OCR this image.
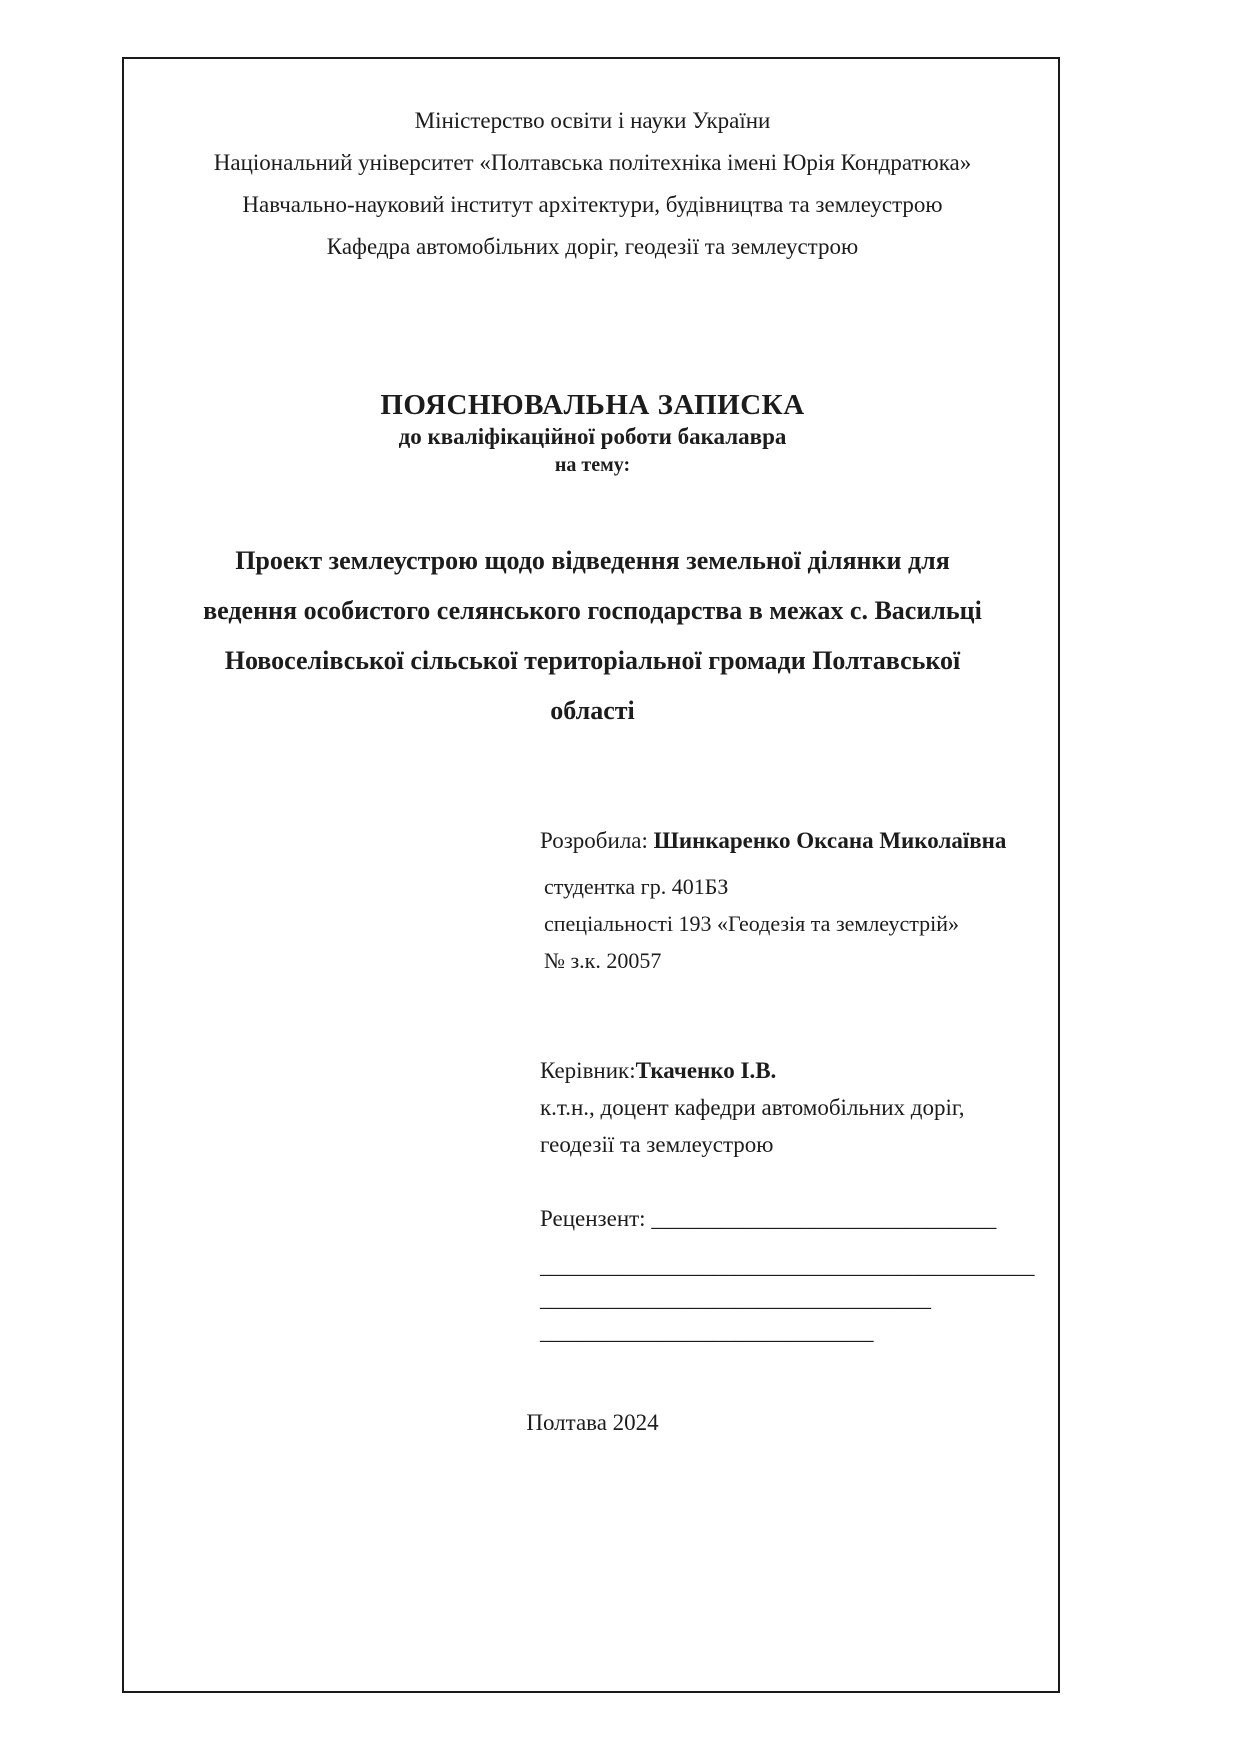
Міністерство освіти і науки України
Національний університет «Полтавська політехніка імені Юрія Кондратюка»
Навчально-науковий інститут архітектури, будівництва та землеустрою
Кафедра автомобільних доріг, геодезії та землеустрою
ПОЯСНЮВАЛЬНА ЗАПИСКА
до кваліфікаційної роботи бакалавра
на тему:
Проект землеустрою щодо відведення земельної ділянки для
ведення особистого селянського господарства в межах с. Васильці
Новоселівської сільської територіальної громади Полтавської
області
Розробила: Шинкаренко Оксана Миколаївна
студентка гр. 401БЗ
спеціальності 193 «Геодезія та землеустрій»
№ з.к. 20057
Керівник:Ткаченко І.В.
к.т.н., доцент кафедри автомобільних доріг, геодезії та землеустрою
Рецензент: ______________________________
___________________________________________
__________________________________
_____________________________
Полтава 2024
